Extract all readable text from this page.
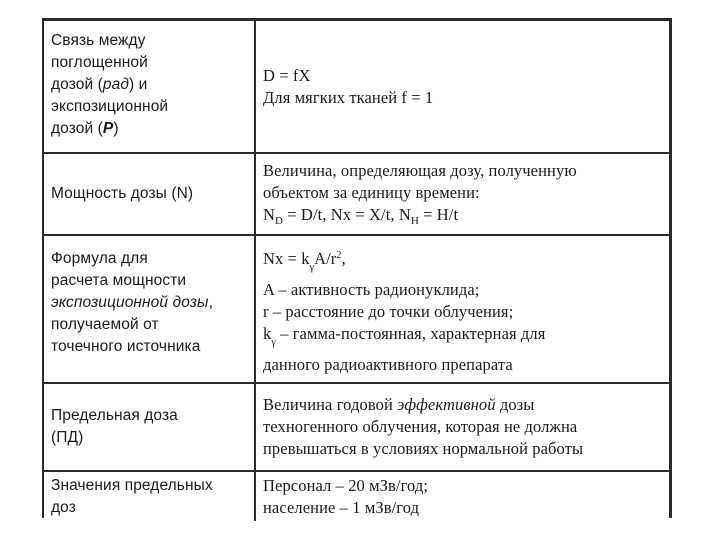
Связь между
поглощенной
дозой (рад) и
экспозиционной
дозой (Р)
D = fX
Для мягких тканей f = 1
Мощность дозы (N)
Величина, определяющая дозу, полученную
объектом за единицу времени:
$N_D = D/t$, Nx = X/t, $N_H = H/t$
Формула для
расчета мощности
экспозиционной дозы,
получаемой от
точечного источника
$Nx = k_\gamma A/r^2$,
A – активность радионуклида;
r – расстояние до точки облучения;
$k_\gamma$ – гамма-постоянная, характерная для
данного радиоактивного препарата
Предельная доза
(ПД)
Величина годовой эффективной дозы
техногенного облучения, которая не должна
превышаться в условиях нормальной работы
Значения предельных
доз
Персонал – 20 мЗв/год;
население – 1 мЗв/год
